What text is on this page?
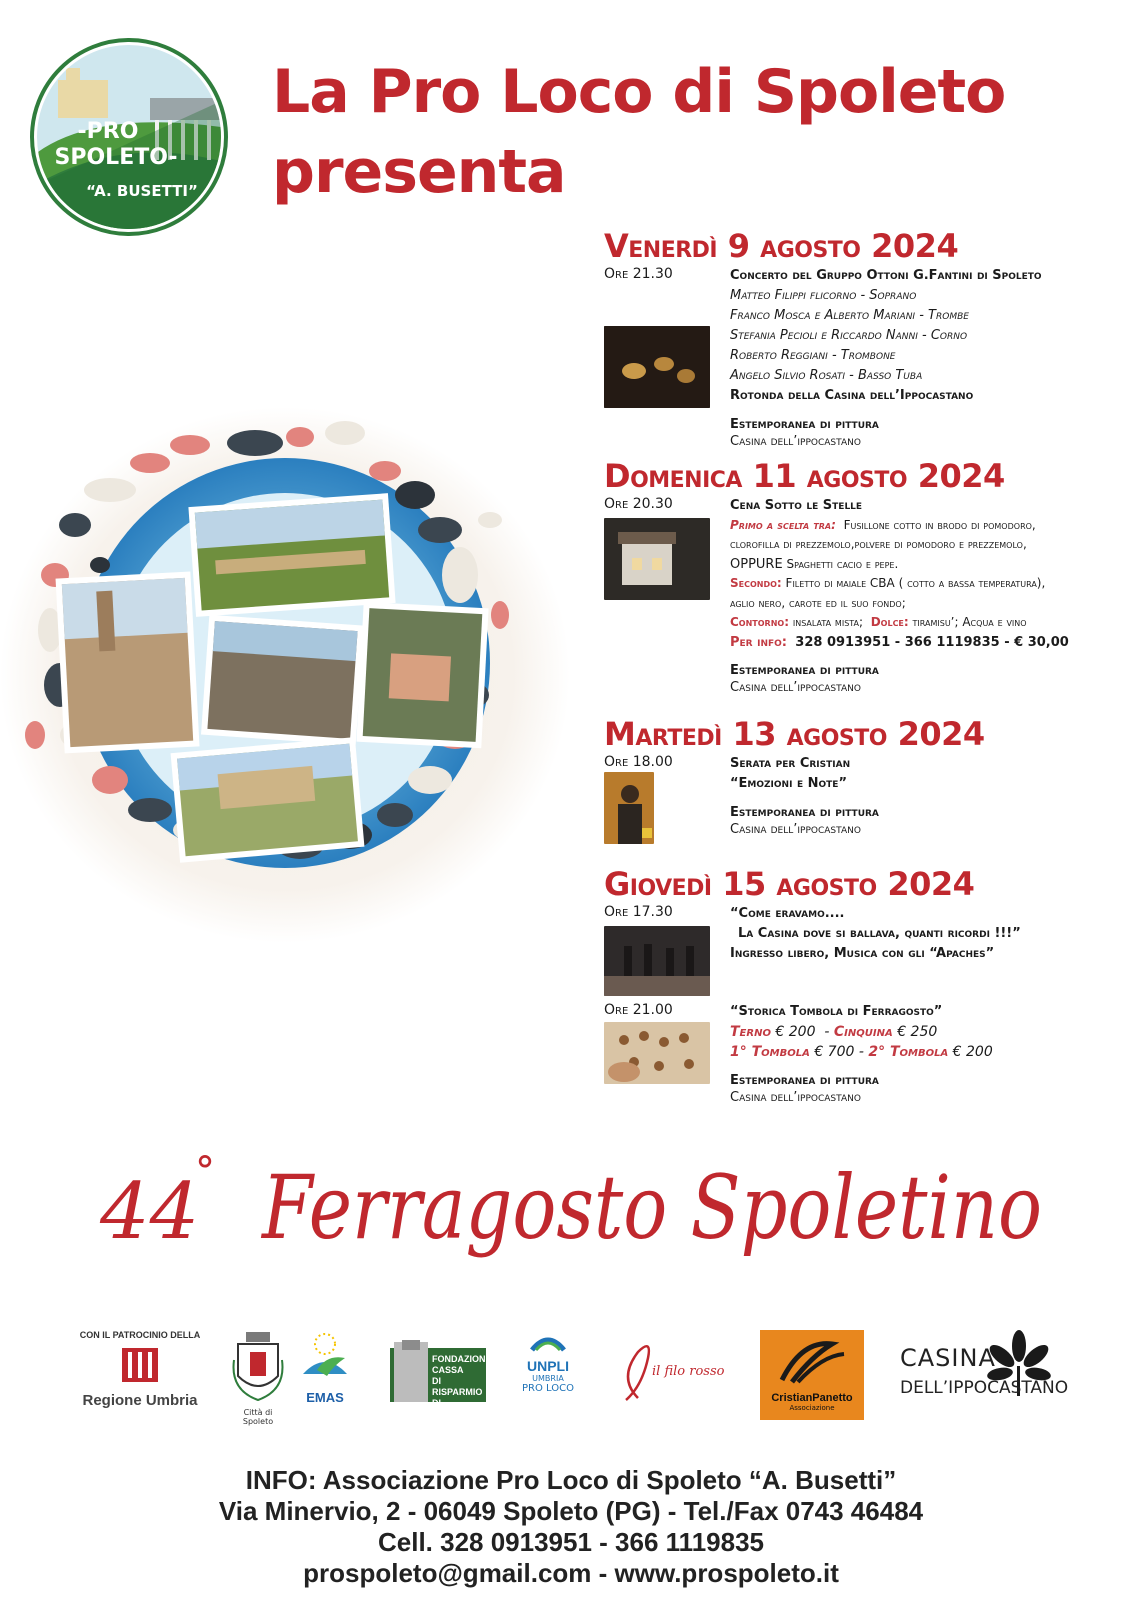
-PRO
SPOLETO-
“A. BUSETTI”
La Pro Loco di Spoleto
presenta
Venerdì 9 agosto 2024
Ore 21.30	Concerto del Gruppo Ottoni G.Fantini di Spoleto
Matteo Filippi flicorno - Soprano
Franco Mosca e Alberto Mariani - Trombe
Stefania Pecioli e Riccardo Nanni - Corno
Roberto Reggiani - Trombone
Angelo Silvio Rosati - Basso Tuba
Rotonda della Casina dell’Ippocastano
Estemporanea di pittura
Casina dell’ippocastano
Domenica 11 agosto 2024
Ore 20.30	Cena Sotto le Stelle
Primo a scelta tra: Fusillone cotto in brodo di pomodoro,
clorofilla di prezzemolo,polvere di pomodoro e prezzemolo,
OPPURE Spaghetti cacio e pepe.
Secondo: Filetto di maiale CBA ( cotto a bassa temperatura),
aglio nero, carote ed il suo fondo;
Contorno: insalata mista; Dolce: tiramisu’; Acqua e vino
Per info: 328 0913951 - 366 1119835 - € 30,00
Estemporanea di pittura
Casina dell’ippocastano
Martedì 13 agosto 2024
Ore 18.00	Serata per Cristian
“Emozioni e Note”
Estemporanea di pittura
Casina dell’ippocastano
Giovedì 15 agosto 2024
Ore 17.30	“Come eravamo....
La Casina dove si ballava, quanti ricordi !!!”
Ingresso libero, Musica con gli “Apaches”
Ore 21.00	“Storica Tombola di Ferragosto”
Terno € 200  - Cinquina € 250
1° Tombola € 700 - 2° Tombola € 200
Estemporanea di pittura
Casina dell’ippocastano
44
° Ferragosto Spoletino
CON IL PATROCINIO DELLA
Regione Umbria
Città di Spoleto
EMAS
FONDAZIONE
CASSA
DI RISPARMIO
DI SPOLETO
UNPLI
UMBRIA
PRO LOCO
il filo rosso
CristianPanetto
Associazione
CASINA
DELL’IPPOCASTANO
INFO: Associazione Pro Loco di Spoleto “A. Busetti”
Via Minervio, 2 - 06049 Spoleto (PG) - Tel./Fax 0743 46484
Cell. 328 0913951 - 366 1119835
prospoleto@gmail.com - www.prospoleto.it
